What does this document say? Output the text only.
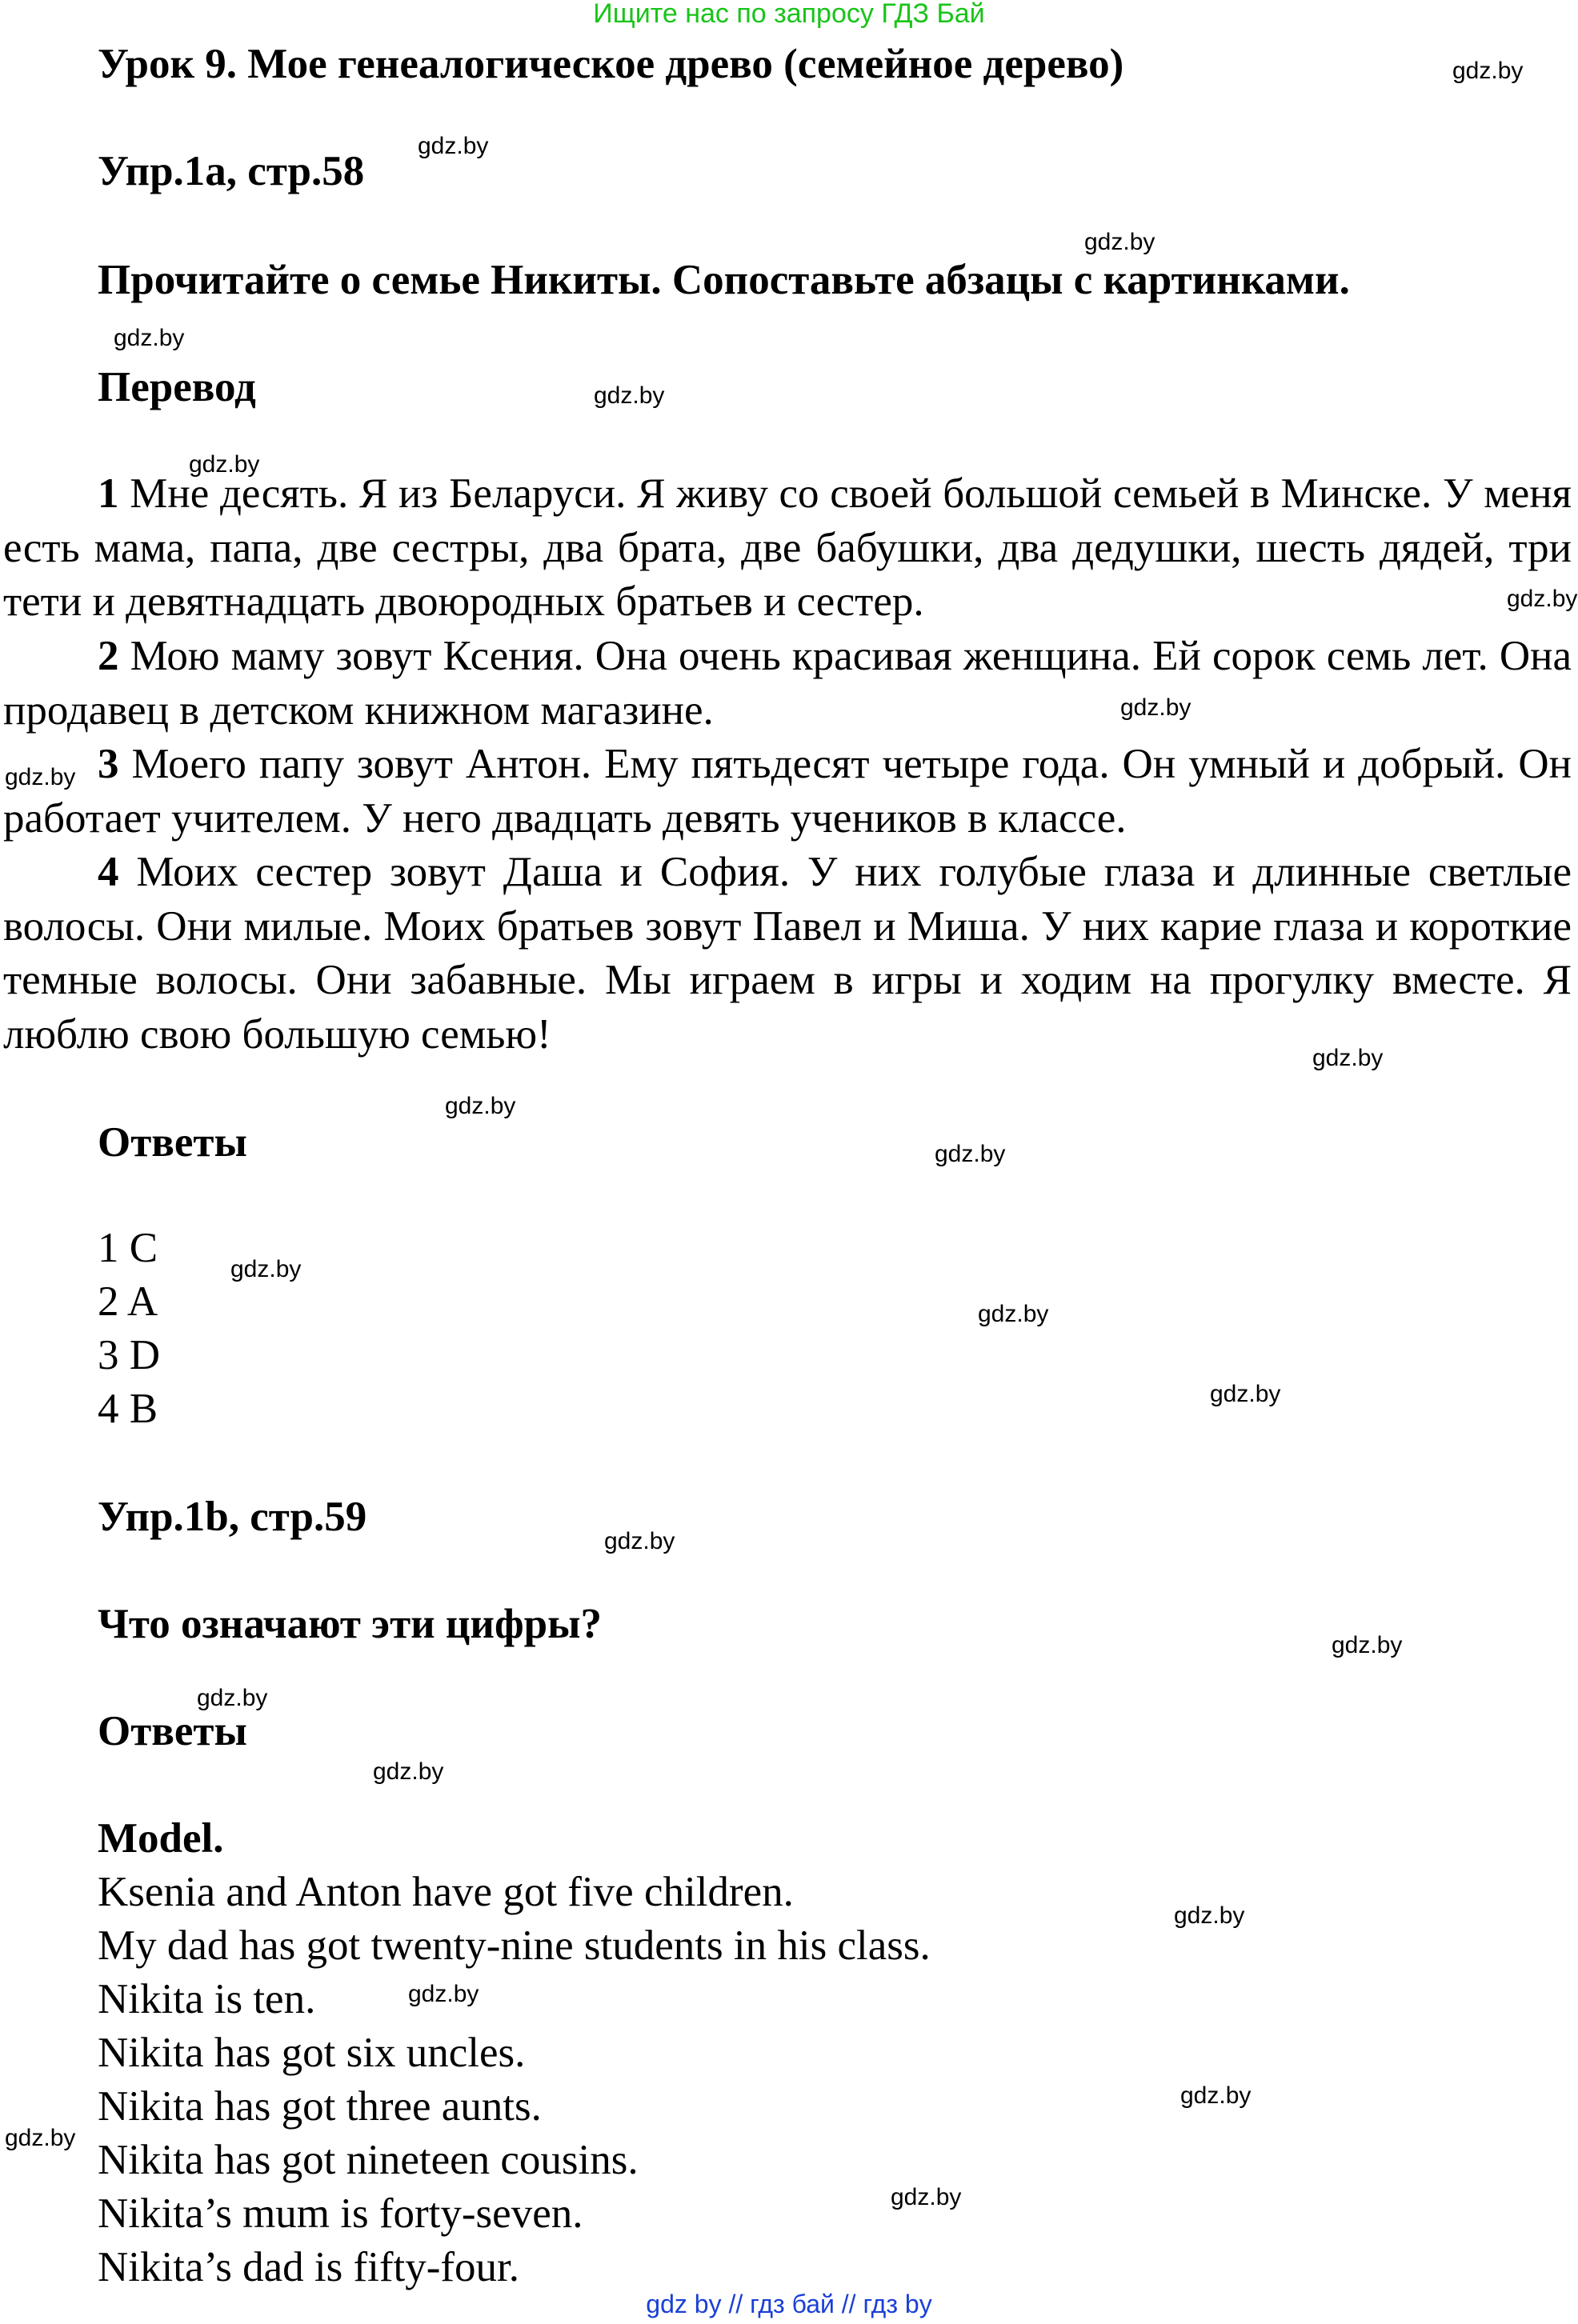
Ищите нас по запросу ГДЗ Бай
Урок 9. Мое генеалогическое древо (семейное дерево)
Упр.1a, стр.58
Прочитайте о семье Никиты. Сопоставьте абзацы с картинками.
Перевод
1 Мне десять. Я из Беларуси. Я живу со своей большой семьей в Минске. У меня есть мама, папа, две сестры, два брата, две бабушки, два дедушки, шесть дядей, три тети и девятнадцать двоюродных братьев и сестер.
2 Мою маму зовут Ксения. Она очень красивая женщина. Ей сорок семь лет. Она продавец в детском книжном магазине.
3 Моего папу зовут Антон. Ему пятьдесят четыре года. Он умный и добрый. Он работает учителем. У него двадцать девять учеников в классе.
4 Моих сестер зовут Даша и София. У них голубые глаза и длинные светлые волосы. Они милые. Моих братьев зовут Павел и Миша. У них карие глаза и короткие темные волосы. Они забавные. Мы играем в игры и ходим на прогулку вместе. Я люблю свою большую семью!
Ответы
1 C
2 A
3 D
4 B
Упр.1b, стр.59
Что означают эти цифры?
Ответы
Model.
Ksenia and Anton have got five children.
My dad has got twenty-nine students in his class.
Nikita is ten.
Nikita has got six uncles.
Nikita has got three aunts.
Nikita has got nineteen cousins.
Nikita’s mum is forty-seven.
Nikita’s dad is fifty-four.
gdz.by
gdz.by
gdz.by
gdz.by
gdz.by
gdz.by
gdz.by
gdz.by
gdz.by
gdz.by
gdz.by
gdz.by
gdz.by
gdz.by
gdz.by
gdz.by
gdz.by
gdz.by
gdz.by
gdz.by
gdz.by
gdz.by
gdz.by
gdz.by
gdz by // гдз бай // гдз by
